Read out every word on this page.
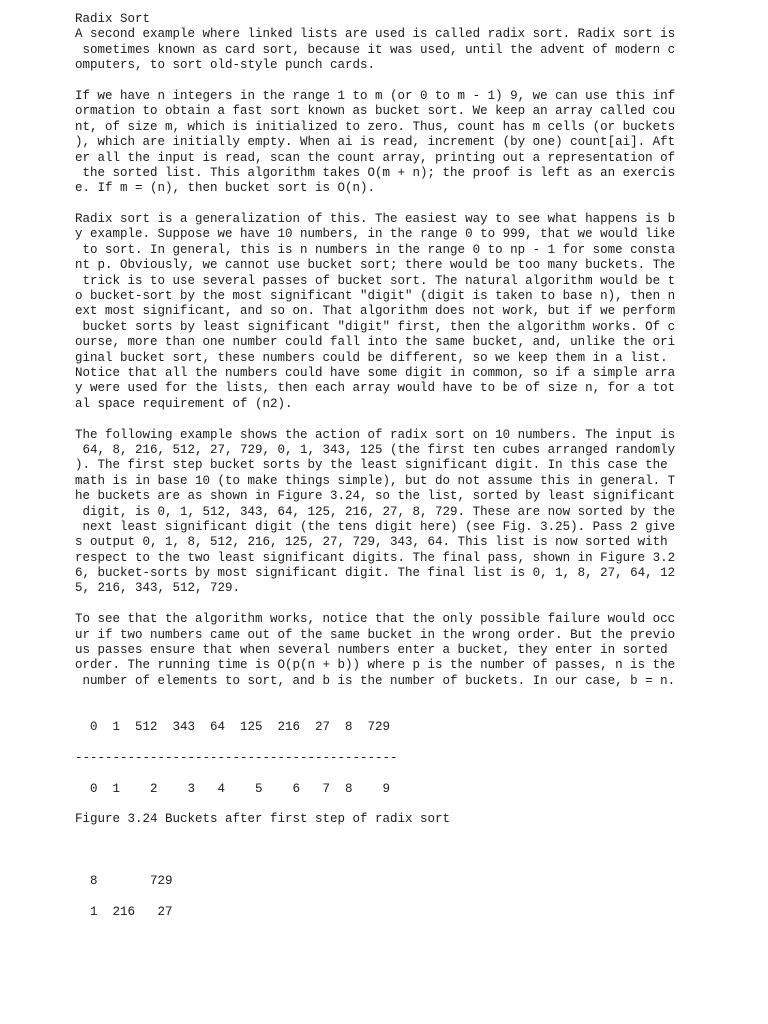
Radix Sort
A second example where linked lists are used is called radix sort. Radix sort is
sometimes known as card sort, because it was used, until the advent of modern c
omputers, to sort old-style punch cards.
If we have n integers in the range 1 to m (or 0 to m - 1) 9, we can use this inf
ormation to obtain a fast sort known as bucket sort. We keep an array called cou
nt, of size m, which is initialized to zero. Thus, count has m cells (or buckets
), which are initially empty. When ai is read, increment (by one) count[ai]. Aft
er all the input is read, scan the count array, printing out a representation of
the sorted list. This algorithm takes O(m + n); the proof is left as an exercis
e. If m = (n), then bucket sort is O(n).
Radix sort is a generalization of this. The easiest way to see what happens is b
y example. Suppose we have 10 numbers, in the range 0 to 999, that we would like
to sort. In general, this is n numbers in the range 0 to np - 1 for some consta
nt p. Obviously, we cannot use bucket sort; there would be too many buckets. The
trick is to use several passes of bucket sort. The natural algorithm would be t
o bucket-sort by the most significant "digit" (digit is taken to base n), then n
ext most significant, and so on. That algorithm does not work, but if we perform
bucket sorts by least significant "digit" first, then the algorithm works. Of c
ourse, more than one number could fall into the same bucket, and, unlike the ori
ginal bucket sort, these numbers could be different, so we keep them in a list.
Notice that all the numbers could have some digit in common, so if a simple arra
y were used for the lists, then each array would have to be of size n, for a tot
al space requirement of (n2).
The following example shows the action of radix sort on 10 numbers. The input is
64, 8, 216, 512, 27, 729, 0, 1, 343, 125 (the first ten cubes arranged randomly
). The first step bucket sorts by the least significant digit. In this case the
math is in base 10 (to make things simple), but do not assume this in general. T
he buckets are as shown in Figure 3.24, so the list, sorted by least significant
digit, is 0, 1, 512, 343, 64, 125, 216, 27, 8, 729. These are now sorted by the
next least significant digit (the tens digit here) (see Fig. 3.25). Pass 2 give
s output 0, 1, 8, 512, 216, 125, 27, 729, 343, 64. This list is now sorted with
respect to the two least significant digits. The final pass, shown in Figure 3.2
6, bucket-sorts by most significant digit. The final list is 0, 1, 8, 27, 64, 12
5, 216, 343, 512, 729.
To see that the algorithm works, notice that the only possible failure would occ
ur if two numbers came out of the same bucket in the wrong order. But the previo
us passes ensure that when several numbers enter a bucket, they enter in sorted
order. The running time is O(p(n + b)) where p is the number of passes, n is the
number of elements to sort, and b is the number of buckets. In our case, b = n.
0  1  512  343  64  125  216  27  8  729
-------------------------------------------
0  1    2    3   4    5    6   7  8    9
Figure 3.24 Buckets after first step of radix sort
8       729
1  216   27
